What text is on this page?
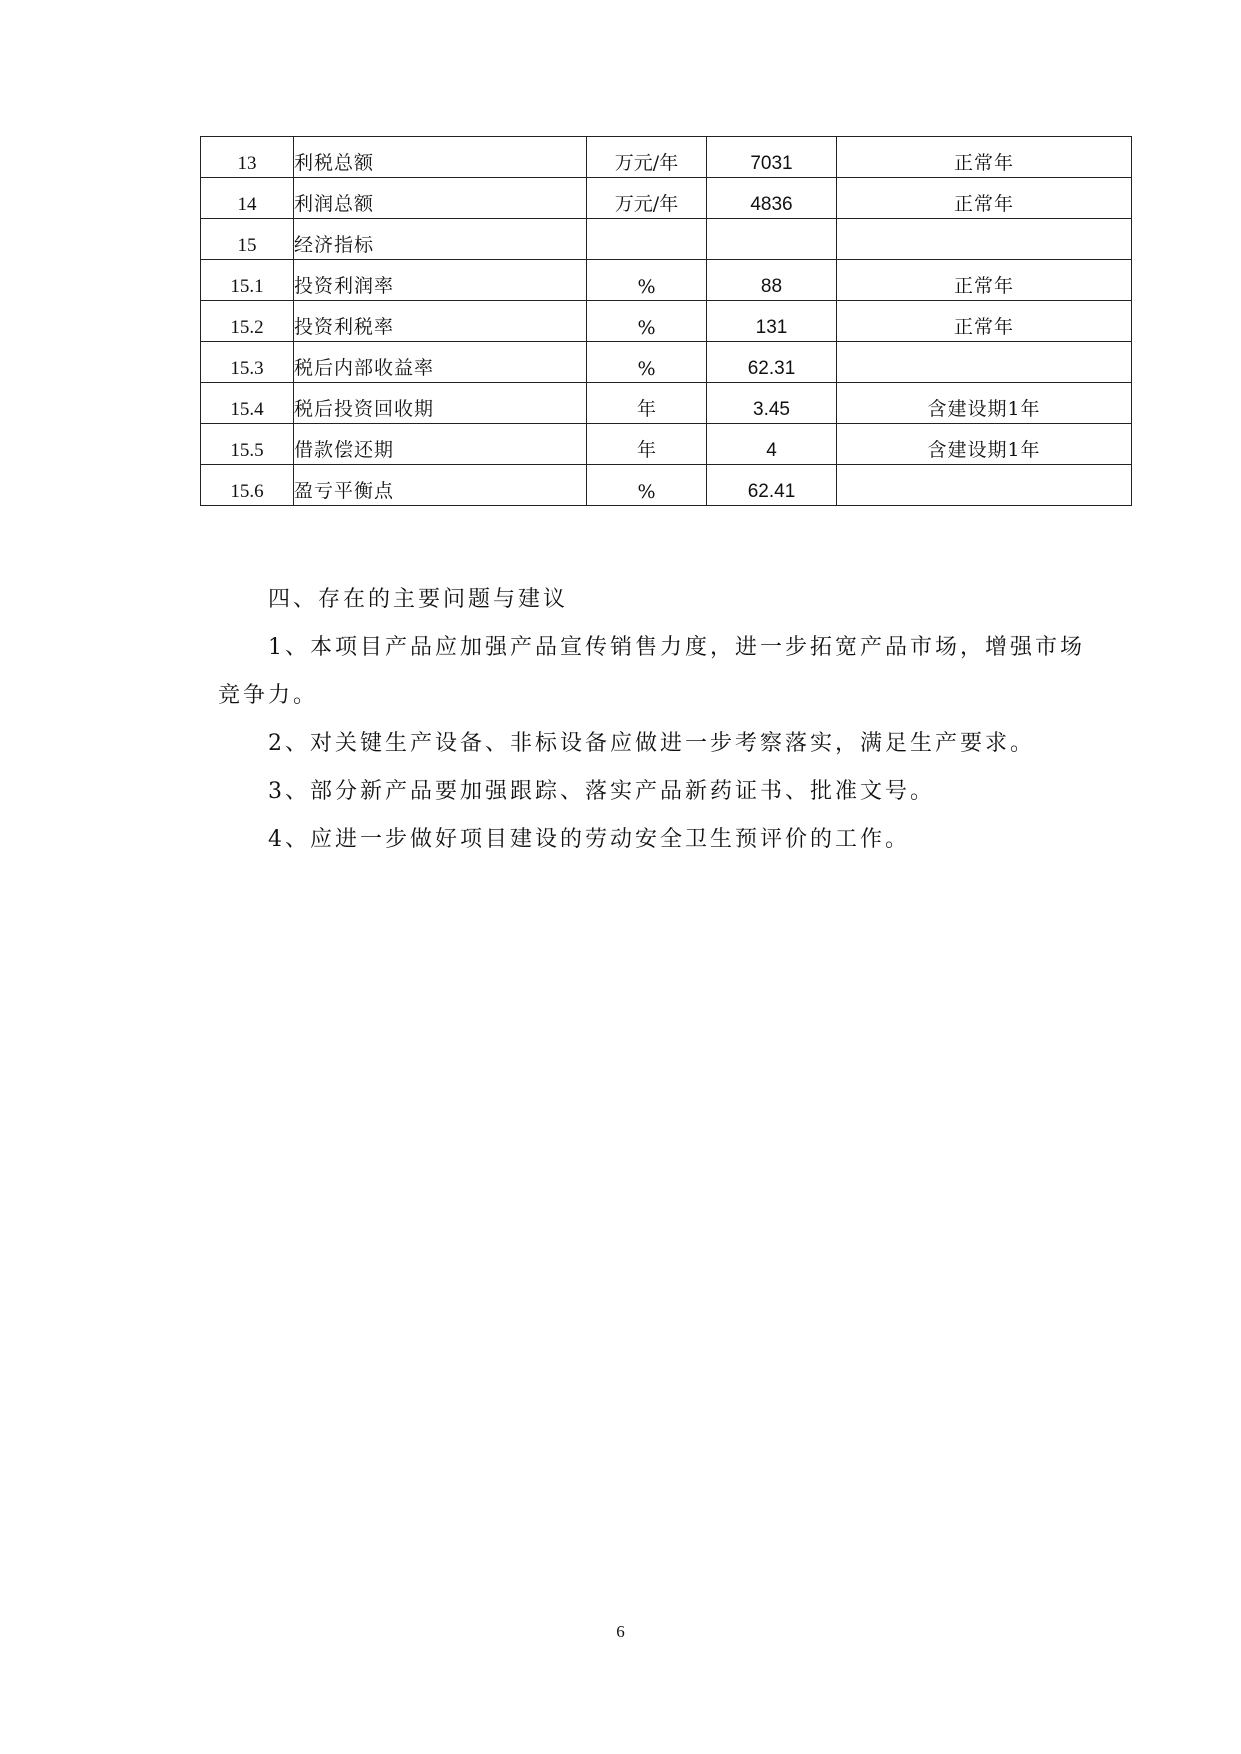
13	利税总额	万元/年	7031	正常年
14	利润总额	万元/年	4836	正常年
15	经济指标			
15.1	投资利润率	%	88	正常年
15.2	投资利税率	%	131	正常年
15.3	税后内部收益率	%	62.31	
15.4	税后投资回收期	年	3.45	含建设期1年
15.5	借款偿还期	年	4	含建设期1年
15.6	盈亏平衡点	%	62.41	

四、存在的主要问题与建议

1、本项目产品应加强产品宣传销售力度，进一步拓宽产品市场，增强市场竞争力。

2、对关键生产设备、非标设备应做进一步考察落实，满足生产要求。

3、部分新产品要加强跟踪、落实产品新药证书、批准文号。

4、应进一步做好项目建设的劳动安全卫生预评价的工作。

6
